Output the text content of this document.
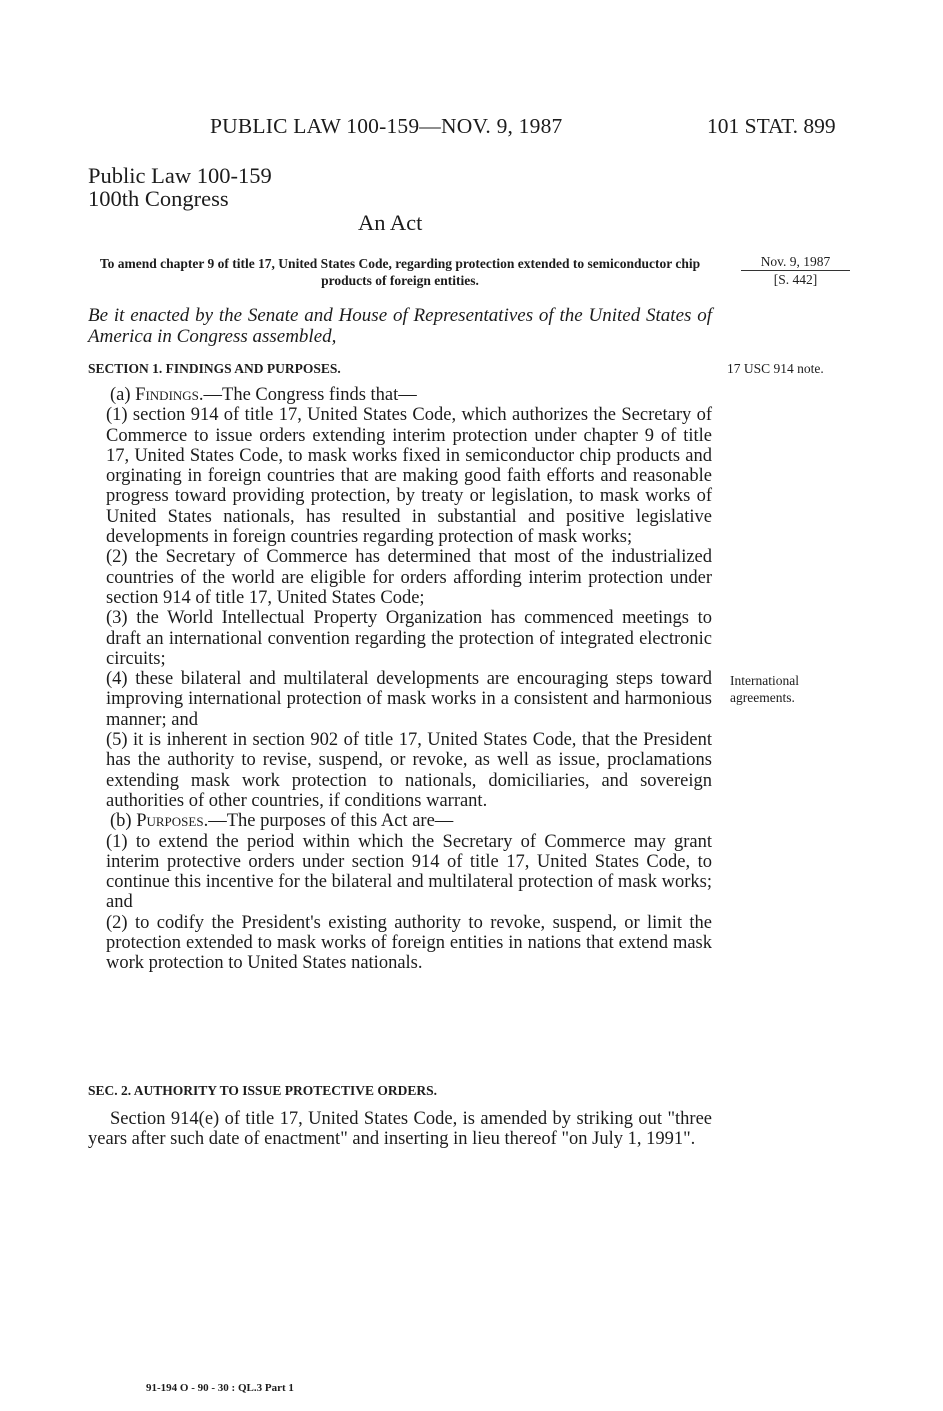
PUBLIC LAW 100-159—NOV. 9, 1987	101 STAT. 899
Public Law 100-159
100th Congress
An Act
To amend chapter 9 of title 17, United States Code, regarding protection extended to semiconductor chip products of foreign entities.
Nov. 9, 1987
[S. 442]
Be it enacted by the Senate and House of Representatives of the United States of America in Congress assembled,
SECTION 1. FINDINGS AND PURPOSES.	17 USC 914 note.

(a) Findings.—The Congress finds that—

(1) section 914 of title 17, United States Code, which authorizes the Secretary of Commerce to issue orders extending interim protection under chapter 9 of title 17, United States Code, to mask works fixed in semiconductor chip products and orginating in foreign countries that are making good faith efforts and reasonable progress toward providing protection, by treaty or legislation, to mask works of United States nationals, has resulted in substantial and positive legislative developments in foreign countries regarding protection of mask works;

(2) the Secretary of Commerce has determined that most of the industrialized countries of the world are eligible for orders affording interim protection under section 914 of title 17, United States Code;

(3) the World Intellectual Property Organization has commenced meetings to draft an international convention regarding the protection of integrated electronic circuits;

(4) these bilateral and multilateral developments are encouraging steps toward improving international protection of mask works in a consistent and harmonious manner; and

(5) it is inherent in section 902 of title 17, United States Code, that the President has the authority to revise, suspend, or revoke, as well as issue, proclamations extending mask work protection to nationals, domiciliaries, and sovereign authorities of other countries, if conditions warrant.

(b) Purposes.—The purposes of this Act are—

(1) to extend the period within which the Secretary of Commerce may grant interim protective orders under section 914 of title 17, United States Code, to continue this incentive for the bilateral and multilateral protection of mask works; and

(2) to codify the President's existing authority to revoke, suspend, or limit the protection extended to mask works of foreign entities in nations that extend mask work protection to United States nationals.

International
agreements.
SEC. 2. AUTHORITY TO ISSUE PROTECTIVE ORDERS.

Section 914(e) of title 17, United States Code, is amended by striking out "three years after such date of enactment" and inserting in lieu thereof "on July 1, 1991".

91-194 O - 90 - 30 : QL.3 Part 1
